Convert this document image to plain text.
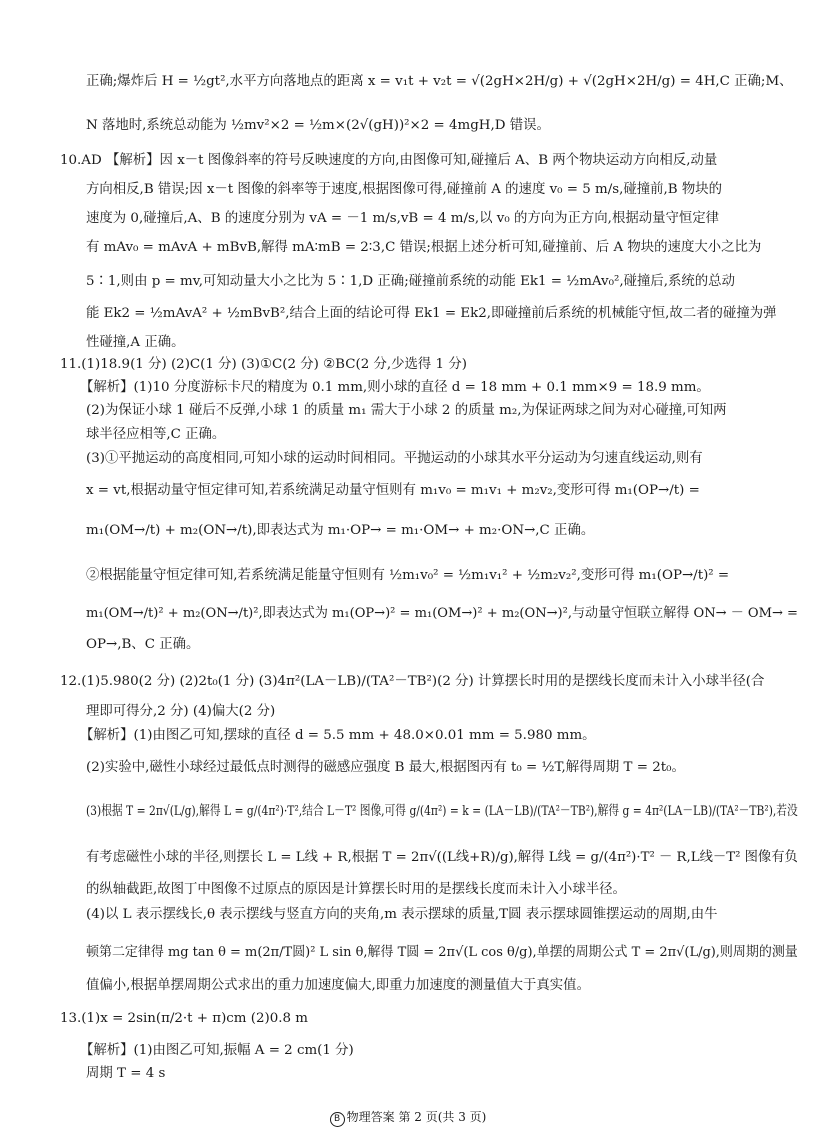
正确;爆炸后 H = ½gt²,水平方向落地点的距离 x = v₁t + v₂t = √(2gH×2H/g) + √(2gH×2H/g) = 4H,C 正确;M、
N 落地时,系统总动能为 ½mv²×2 = ½m×(2√(gH))²×2 = 4mgH,D 错误。
10.AD 【解析】因 x－t 图像斜率的符号反映速度的方向,由图像可知,碰撞后 A、B 两个物块运动方向相反,动量
方向相反,B 错误;因 x－t 图像的斜率等于速度,根据图像可得,碰撞前 A 的速度 v₀ = 5 m/s,碰撞前,B 物块的
速度为 0,碰撞后,A、B 的速度分别为 vA = －1 m/s,vB = 4 m/s,以 v₀ 的方向为正方向,根据动量守恒定律
有 mAv₀ = mAvA + mBvB,解得 mA∶mB = 2∶3,C 错误;根据上述分析可知,碰撞前、后 A 物块的速度大小之比为
5∶1,则由 p = mv,可知动量大小之比为 5∶1,D 正确;碰撞前系统的动能 Ek1 = ½mAv₀²,碰撞后,系统的总动
能 Ek2 = ½mAvA² + ½mBvB²,结合上面的结论可得 Ek1 = Ek2,即碰撞前后系统的机械能守恒,故二者的碰撞为弹
性碰撞,A 正确。
11.(1)18.9(1 分) (2)C(1 分) (3)①C(2 分) ②BC(2 分,少选得 1 分)
【解析】(1)10 分度游标卡尺的精度为 0.1 mm,则小球的直径 d = 18 mm + 0.1 mm×9 = 18.9 mm。
(2)为保证小球 1 碰后不反弹,小球 1 的质量 m₁ 需大于小球 2 的质量 m₂,为保证两球之间为对心碰撞,可知两
球半径应相等,C 正确。
(3)①平抛运动的高度相同,可知小球的运动时间相同。平抛运动的小球其水平分运动为匀速直线运动,则有
x = vt,根据动量守恒定律可知,若系统满足动量守恒则有 m₁v₀ = m₁v₁ + m₂v₂,变形可得 m₁(OP→/t) =
m₁(OM→/t) + m₂(ON→/t),即表达式为 m₁·OP→ = m₁·OM→ + m₂·ON→,C 正确。
②根据能量守恒定律可知,若系统满足能量守恒则有 ½m₁v₀² = ½m₁v₁² + ½m₂v₂²,变形可得 m₁(OP→/t)² =
m₁(OM→/t)² + m₂(ON→/t)²,即表达式为 m₁(OP→)² = m₁(OM→)² + m₂(ON→)²,与动量守恒联立解得 ON→ － OM→ =
OP→,B、C 正确。
12.(1)5.980(2 分) (2)2t₀(1 分) (3)4π²(LA－LB)/(TA²－TB²)(2 分) 计算摆长时用的是摆线长度而未计入小球半径(合
理即可得分,2 分) (4)偏大(2 分)
【解析】(1)由图乙可知,摆球的直径 d = 5.5 mm + 48.0×0.01 mm = 5.980 mm。
(2)实验中,磁性小球经过最低点时测得的磁感应强度 B 最大,根据图丙有 t₀ = ½T,解得周期 T = 2t₀。
(3)根据 T = 2π√(L/g),解得 L = g/(4π²)·T²,结合 L－T² 图像,可得 g/(4π²) = k = (LA－LB)/(TA²－TB²),解得 g = 4π²(LA－LB)/(TA²－TB²),若没
有考虑磁性小球的半径,则摆长 L = L线 + R,根据 T = 2π√((L线+R)/g),解得 L线 = g/(4π²)·T² － R,L线－T² 图像有负
的纵轴截距,故图丁中图像不过原点的原因是计算摆长时用的是摆线长度而未计入小球半径。
(4)以 L 表示摆线长,θ 表示摆线与竖直方向的夹角,m 表示摆球的质量,T圆 表示摆球圆锥摆运动的周期,由牛
顿第二定律得 mg tan θ = m(2π/T圆)² L sin θ,解得 T圆 = 2π√(L cos θ/g),单摆的周期公式 T = 2π√(L/g),则周期的测量
值偏小,根据单摆周期公式求出的重力加速度偏大,即重力加速度的测量值大于真实值。
13.(1)x = 2sin(π/2·t + π)cm (2)0.8 m
【解析】(1)由图乙可知,振幅 A = 2 cm(1 分)
周期 T = 4 s
B 物理答案 第 2 页(共 3 页)
